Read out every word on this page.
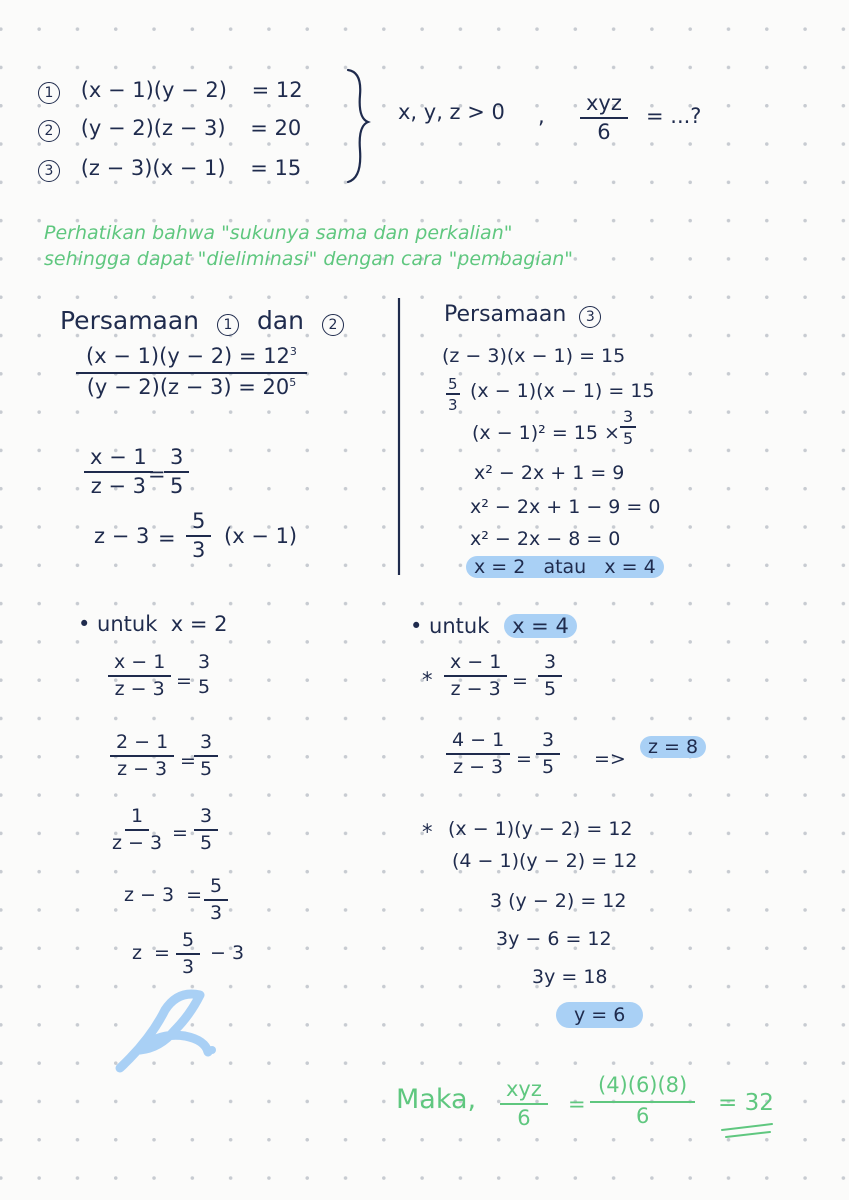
1 (x − 1)(y − 2) = 12
2 (y − 2)(z − 3) = 20
3 (z − 3)(x − 1) = 15
x, y, z > 0 ,
xyz
6
= ...?
Perhatikan bahwa "sukunya sama dan perkalian"
sehingga dapat "dieliminasi" dengan cara "pembagian"
Persamaan 1 dan 2
$\frac{(x - 1)(y - 2) = 12^3}{(y - 2)(z - 3) = 20^5}$
$\frac{x - 1}{z - 3}$
=
$\frac{3}{5}$
$z - 3 = \frac{5}{3} (x - 1)$
Persamaan 3
(z − 3)(x − 1) = 15
$\frac{5}{3} (x - 1)(x - 1) = 15$
$(x - 1)^2 = 15 \times \frac{3}{5}$
x² − 2x + 1 = 9
x² − 2x + 1 − 9 = 0
x² − 2x − 8 = 0
x = 2   atau   x = 4
• untuk  x = 2
$\frac{x - 1}{z - 3}$ =
3
5
$\frac{2 - 1}{z - 3}$ =
$\frac{3}{5}$
$\frac{1}{z - 3} = \frac{3}{5}$
$z - 3 = \frac{5}{3}$
$z = \frac{5}{3} - 3$
• untuk x = 4
* $\frac{x - 1}{z - 3} = \frac{3}{5}$
$\frac{4 - 1}{z - 3} = \frac{3}{5}$ =>
z = 8
* (x − 1)(y − 2) = 12
(4 − 1)(y − 2) = 12
3 (y − 2) = 12
3y − 6 = 12
3y = 18
y = 6
Maka, xyz
6
= $\frac{(4)(6)(8)}{6} = 32$
